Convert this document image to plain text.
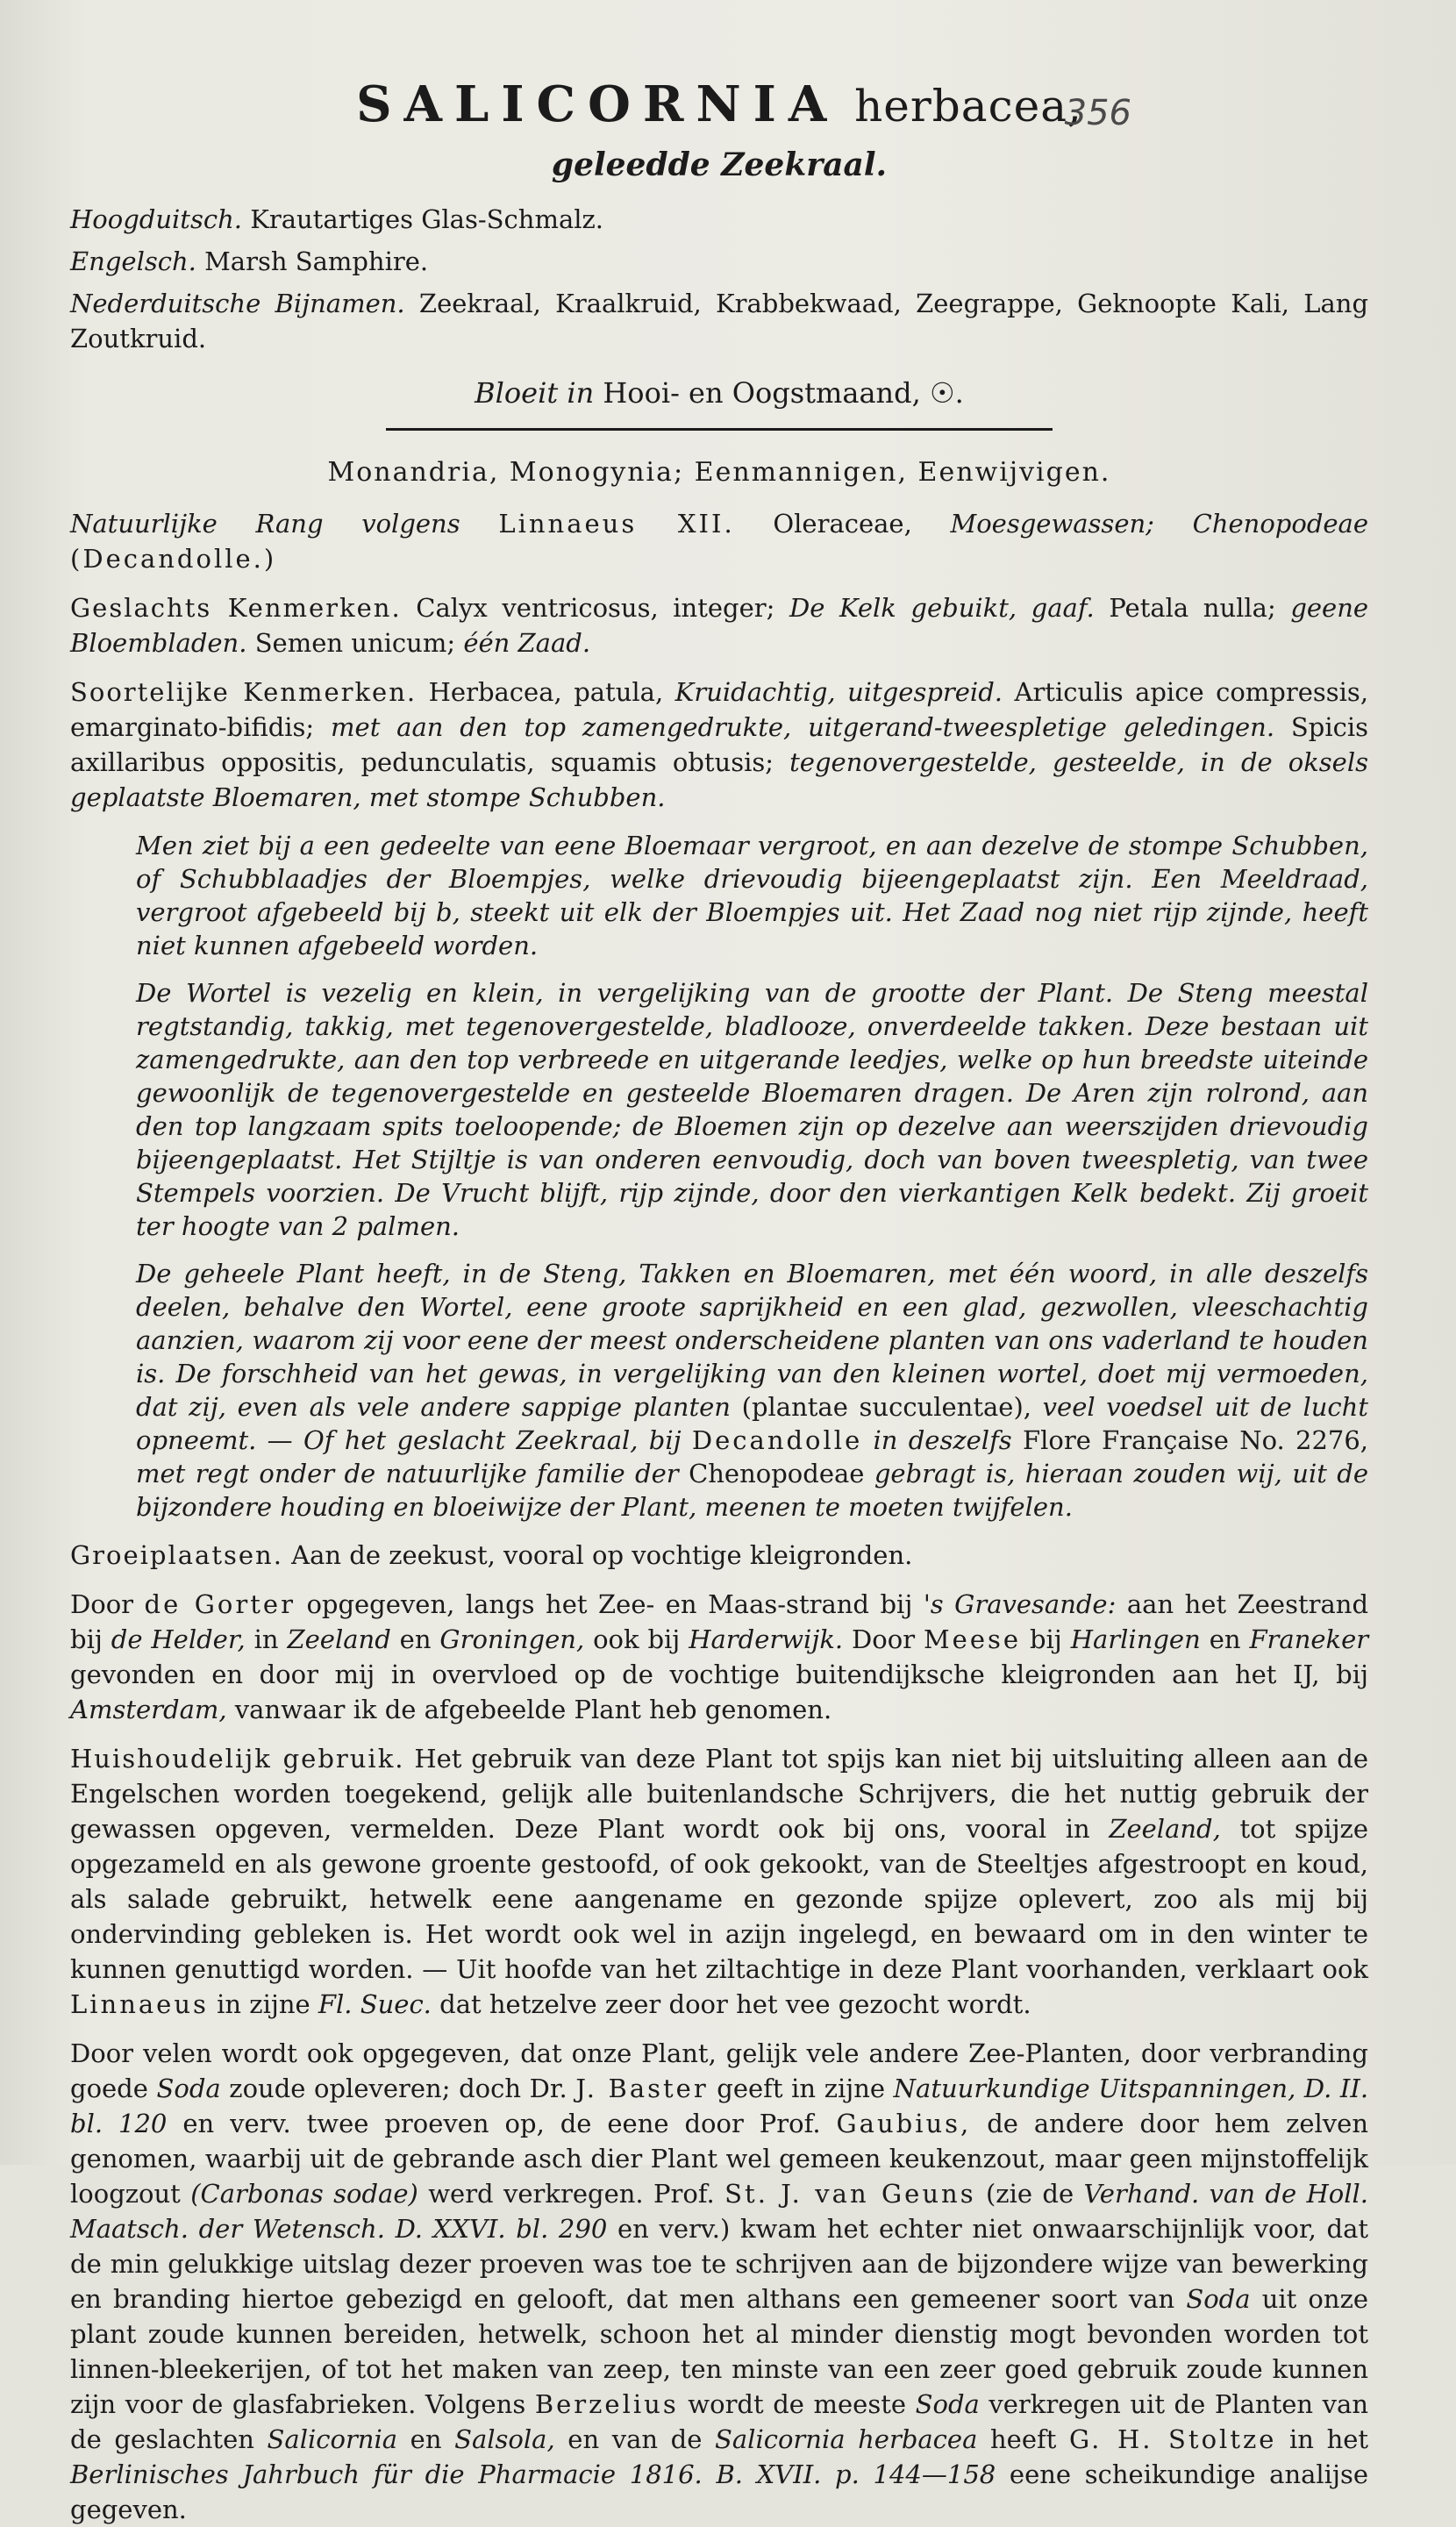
SALICORNIA herbacea,
356
geleedde Zeekraal.

Hoogduitsch. Krautartiges Glas-Schmalz.

Engelsch. Marsh Samphire.

Nederduitsche Bijnamen. Zeekraal, Kraalkruid, Krabbekwaad, Zeegrappe, Geknoopte Kali, Lang Zoutkruid.

Bloeit in Hooi- en Oogstmaand, ☉.
Monandria, Monogynia; Eenmannigen, Eenwijvigen.

Natuurlijke Rang volgens Linnaeus XII. Oleraceae, Moesgewassen; Chenopodeae (Decandolle.)

Geslachts Kenmerken. Calyx ventricosus, integer; De Kelk gebuikt, gaaf. Petala nulla; geene Bloembladen. Semen unicum; één Zaad.

Soortelijke Kenmerken. Herbacea, patula, Kruidachtig, uitgespreid. Articulis apice compressis, emarginato-bifidis; met aan den top zamengedrukte, uitgerand-tweespletige geledingen. Spicis axillaribus oppositis, pedunculatis, squamis obtusis; tegenovergestelde, gesteelde, in de oksels geplaatste Bloemaren, met stompe Schubben.

Men ziet bij a een gedeelte van eene Bloemaar vergroot, en aan dezelve de stompe Schubben, of Schubblaadjes der Bloempjes, welke drievoudig bijeengeplaatst zijn. Een Meeldraad, vergroot afgebeeld bij b, steekt uit elk der Bloempjes uit. Het Zaad nog niet rijp zijnde, heeft niet kunnen afgebeeld worden.

De Wortel is vezelig en klein, in vergelijking van de grootte der Plant. De Steng meestal regtstandig, takkig, met tegenovergestelde, bladlooze, onverdeelde takken. Deze bestaan uit zamengedrukte, aan den top verbreede en uitgerande leedjes, welke op hun breedste uiteinde gewoonlijk de tegenovergestelde en gesteelde Bloemaren dragen. De Aren zijn rolrond, aan den top langzaam spits toeloopende; de Bloemen zijn op dezelve aan weerszijden drievoudig bijeengeplaatst. Het Stijltje is van onderen eenvoudig, doch van boven tweespletig, van twee Stempels voorzien. De Vrucht blijft, rijp zijnde, door den vierkantigen Kelk bedekt. Zij groeit ter hoogte van 2 palmen.

De geheele Plant heeft, in de Steng, Takken en Bloemaren, met één woord, in alle deszelfs deelen, behalve den Wortel, eene groote saprijkheid en een glad, gezwollen, vleeschachtig aanzien, waarom zij voor eene der meest onderscheidene planten van ons vaderland te houden is. De forschheid van het gewas, in vergelijking van den kleinen wortel, doet mij vermoeden, dat zij, even als vele andere sappige planten (plantae succulentae), veel voedsel uit de lucht opneemt. — Of het geslacht Zeekraal, bij Decandolle in deszelfs Flore Française No. 2276, met regt onder de natuurlijke familie der Chenopodeae gebragt is, hieraan zouden wij, uit de bijzondere houding en bloeiwijze der Plant, meenen te moeten twijfelen.

Groeiplaatsen. Aan de zeekust, vooral op vochtige kleigronden.

Door de Gorter opgegeven, langs het Zee- en Maas-strand bij 's Gravesande: aan het Zeestrand bij de Helder, in Zeeland en Groningen, ook bij Harderwijk. Door Meese bij Harlingen en Franeker gevonden en door mij in overvloed op de vochtige buitendijksche kleigronden aan het IJ, bij Amsterdam, vanwaar ik de afgebeelde Plant heb genomen.

Huishoudelijk gebruik. Het gebruik van deze Plant tot spijs kan niet bij uitsluiting alleen aan de Engelschen worden toegekend, gelijk alle buitenlandsche Schrijvers, die het nuttig gebruik der gewassen opgeven, vermelden. Deze Plant wordt ook bij ons, vooral in Zeeland, tot spijze opgezameld en als gewone groente gestoofd, of ook gekookt, van de Steeltjes afgestroopt en koud, als salade gebruikt, hetwelk eene aangename en gezonde spijze oplevert, zoo als mij bij ondervinding gebleken is. Het wordt ook wel in azijn ingelegd, en bewaard om in den winter te kunnen genuttigd worden. — Uit hoofde van het ziltachtige in deze Plant voorhanden, verklaart ook Linnaeus in zijne Fl. Suec. dat hetzelve zeer door het vee gezocht wordt.

Door velen wordt ook opgegeven, dat onze Plant, gelijk vele andere Zee-Planten, door verbranding goede Soda zoude opleveren; doch Dr. J. Baster geeft in zijne Natuurkundige Uitspanningen, D. II. bl. 120 en verv. twee proeven op, de eene door Prof. Gaubius, de andere door hem zelven genomen, waarbij uit de gebrande asch dier Plant wel gemeen keukenzout, maar geen mijnstoffelijk loogzout (Carbonas sodae) werd verkregen. Prof. St. J. van Geuns (zie de Verhand. van de Holl. Maatsch. der Wetensch. D. XXVI. bl. 290 en verv.) kwam het echter niet onwaarschijnlijk voor, dat de min gelukkige uitslag dezer proeven was toe te schrijven aan de bijzondere wijze van bewerking en branding hiertoe gebezigd en gelooft, dat men althans een gemeener soort van Soda uit onze plant zoude kunnen bereiden, hetwelk, schoon het al minder dienstig mogt bevonden worden tot linnen-bleekerijen, of tot het maken van zeep, ten minste van een zeer goed gebruik zoude kunnen zijn voor de glasfabrieken. Volgens Berzelius wordt de meeste Soda verkregen uit de Planten van de geslachten Salicornia en Salsola, en van de Salicornia herbacea heeft G. H. Stoltze in het Berlinisches Jahrbuch für die Pharmacie 1816. B. XVII. p. 144—158 eene scheikundige analijse gegeven.
